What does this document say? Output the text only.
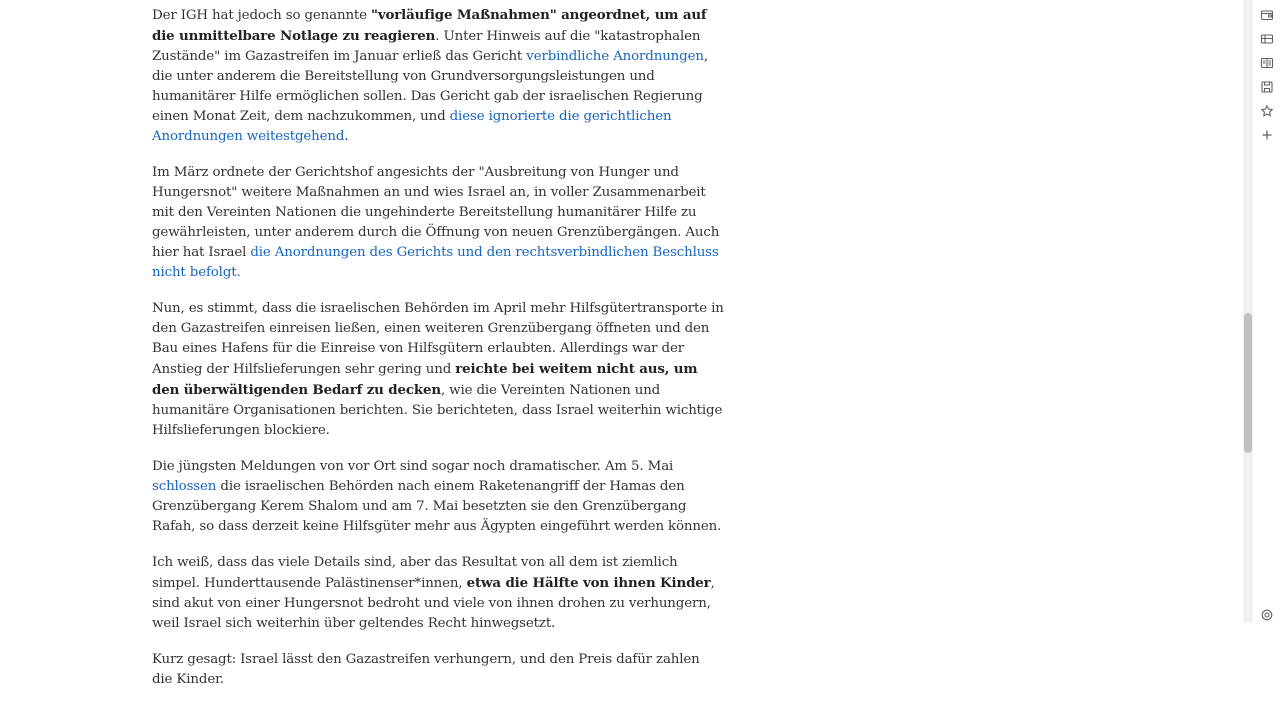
Der IGH hat jedoch so genannte "vorläufige Maßnahmen" angeordnet, um auf die unmittelbare Notlage zu reagieren. Unter Hinweis auf die "katastrophalen Zustände" im Gazastreifen im Januar erließ das Gericht verbindliche Anordnungen, die unter anderem die Bereitstellung von Grundversorgungsleistungen und humanitärer Hilfe ermöglichen sollen. Das Gericht gab der israelischen Regierung einen Monat Zeit, dem nachzukommen, und diese ignorierte die gerichtlichen Anordnungen weitestgehend.

Im März ordnete der Gerichtshof angesichts der "Ausbreitung von Hunger und Hungersnot" weitere Maßnahmen an und wies Israel an, in voller Zusammenarbeit mit den Vereinten Nationen die ungehinderte Bereitstellung humanitärer Hilfe zu gewährleisten, unter anderem durch die Öffnung von neuen Grenzübergängen. Auch hier hat Israel die Anordnungen des Gerichts und den rechtsverbindlichen Beschluss nicht befolgt.

Nun, es stimmt, dass die israelischen Behörden im April mehr Hilfsgütertransporte in den Gazastreifen einreisen ließen, einen weiteren Grenzübergang öffneten und den Bau eines Hafens für die Einreise von Hilfsgütern erlaubten. Allerdings war der Anstieg der Hilfslieferungen sehr gering und reichte bei weitem nicht aus, um den überwältigenden Bedarf zu decken, wie die Vereinten Nationen und humanitäre Organisationen berichten. Sie berichteten, dass Israel weiterhin wichtige Hilfslieferungen blockiere.

Die jüngsten Meldungen von vor Ort sind sogar noch dramatischer. Am 5. Mai schlossen die israelischen Behörden nach einem Raketenangriff der Hamas den Grenzübergang Kerem Shalom und am 7. Mai besetzten sie den Grenzübergang Rafah, so dass derzeit keine Hilfsgüter mehr aus Ägypten eingeführt werden können.

Ich weiß, dass das viele Details sind, aber das Resultat von all dem ist ziemlich simpel. Hunderttausende Palästinenser*innen, etwa die Hälfte von ihnen Kinder, sind akut von einer Hungersnot bedroht und viele von ihnen drohen zu verhungern, weil Israel sich weiterhin über geltendes Recht hinwegsetzt.

Kurz gesagt: Israel lässt den Gazastreifen verhungern, und den Preis dafür zahlen die Kinder.
